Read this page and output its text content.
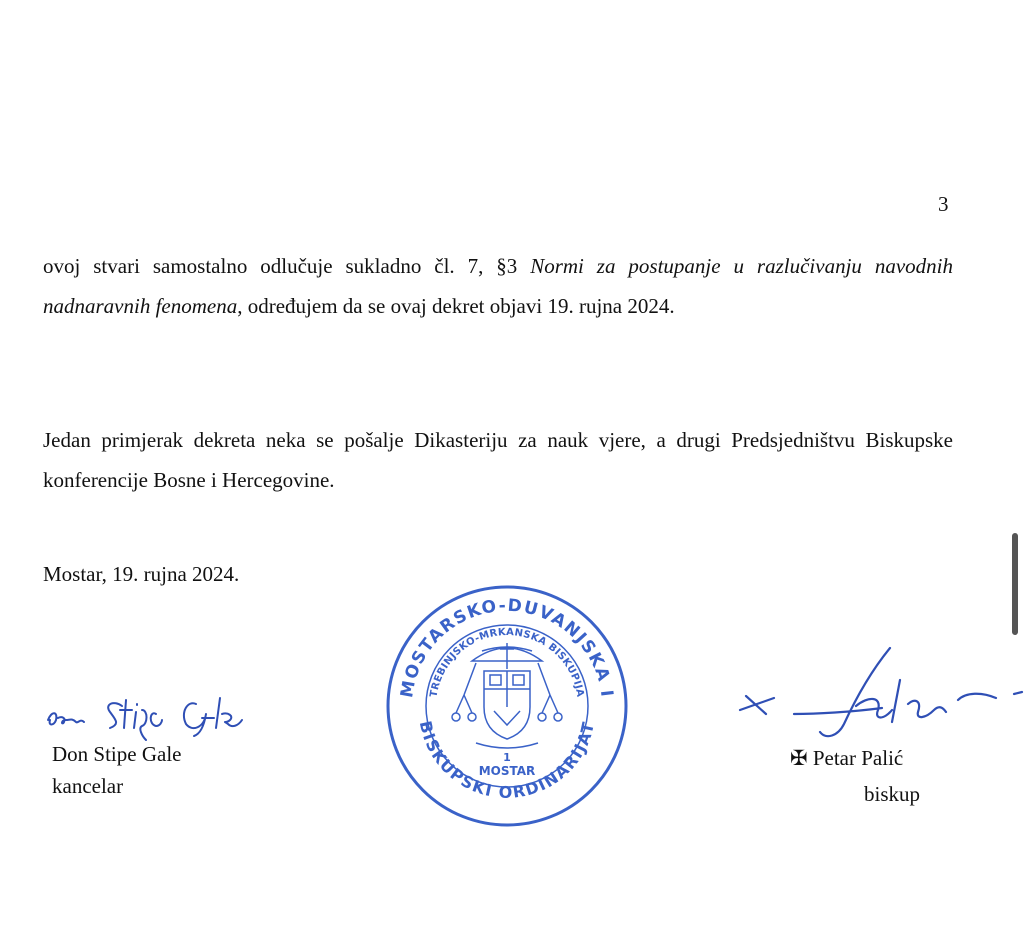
3
ovoj stvari samostalno odlučuje sukladno čl. 7, §3 Normi za postupanje u razlučivanju navodnih nadnaravnih fenomena, određujem da se ovaj dekret objavi 19. rujna 2024.
Jedan primjerak dekreta neka se pošalje Dikasteriju za nauk vjere, a drugi Predsjedništvu Biskupske konferencije Bosne i Hercegovine.
Mostar, 19. rujna 2024.
Don Stipe Gale
kancelar
MOSTARSKO-DUVANJSKA I
TREBINJSKO-MRKANSKA BISKUPIJA
BISKUPSKI ORDINARIJAT
1
MOSTAR
✠ Petar Palić
biskup
